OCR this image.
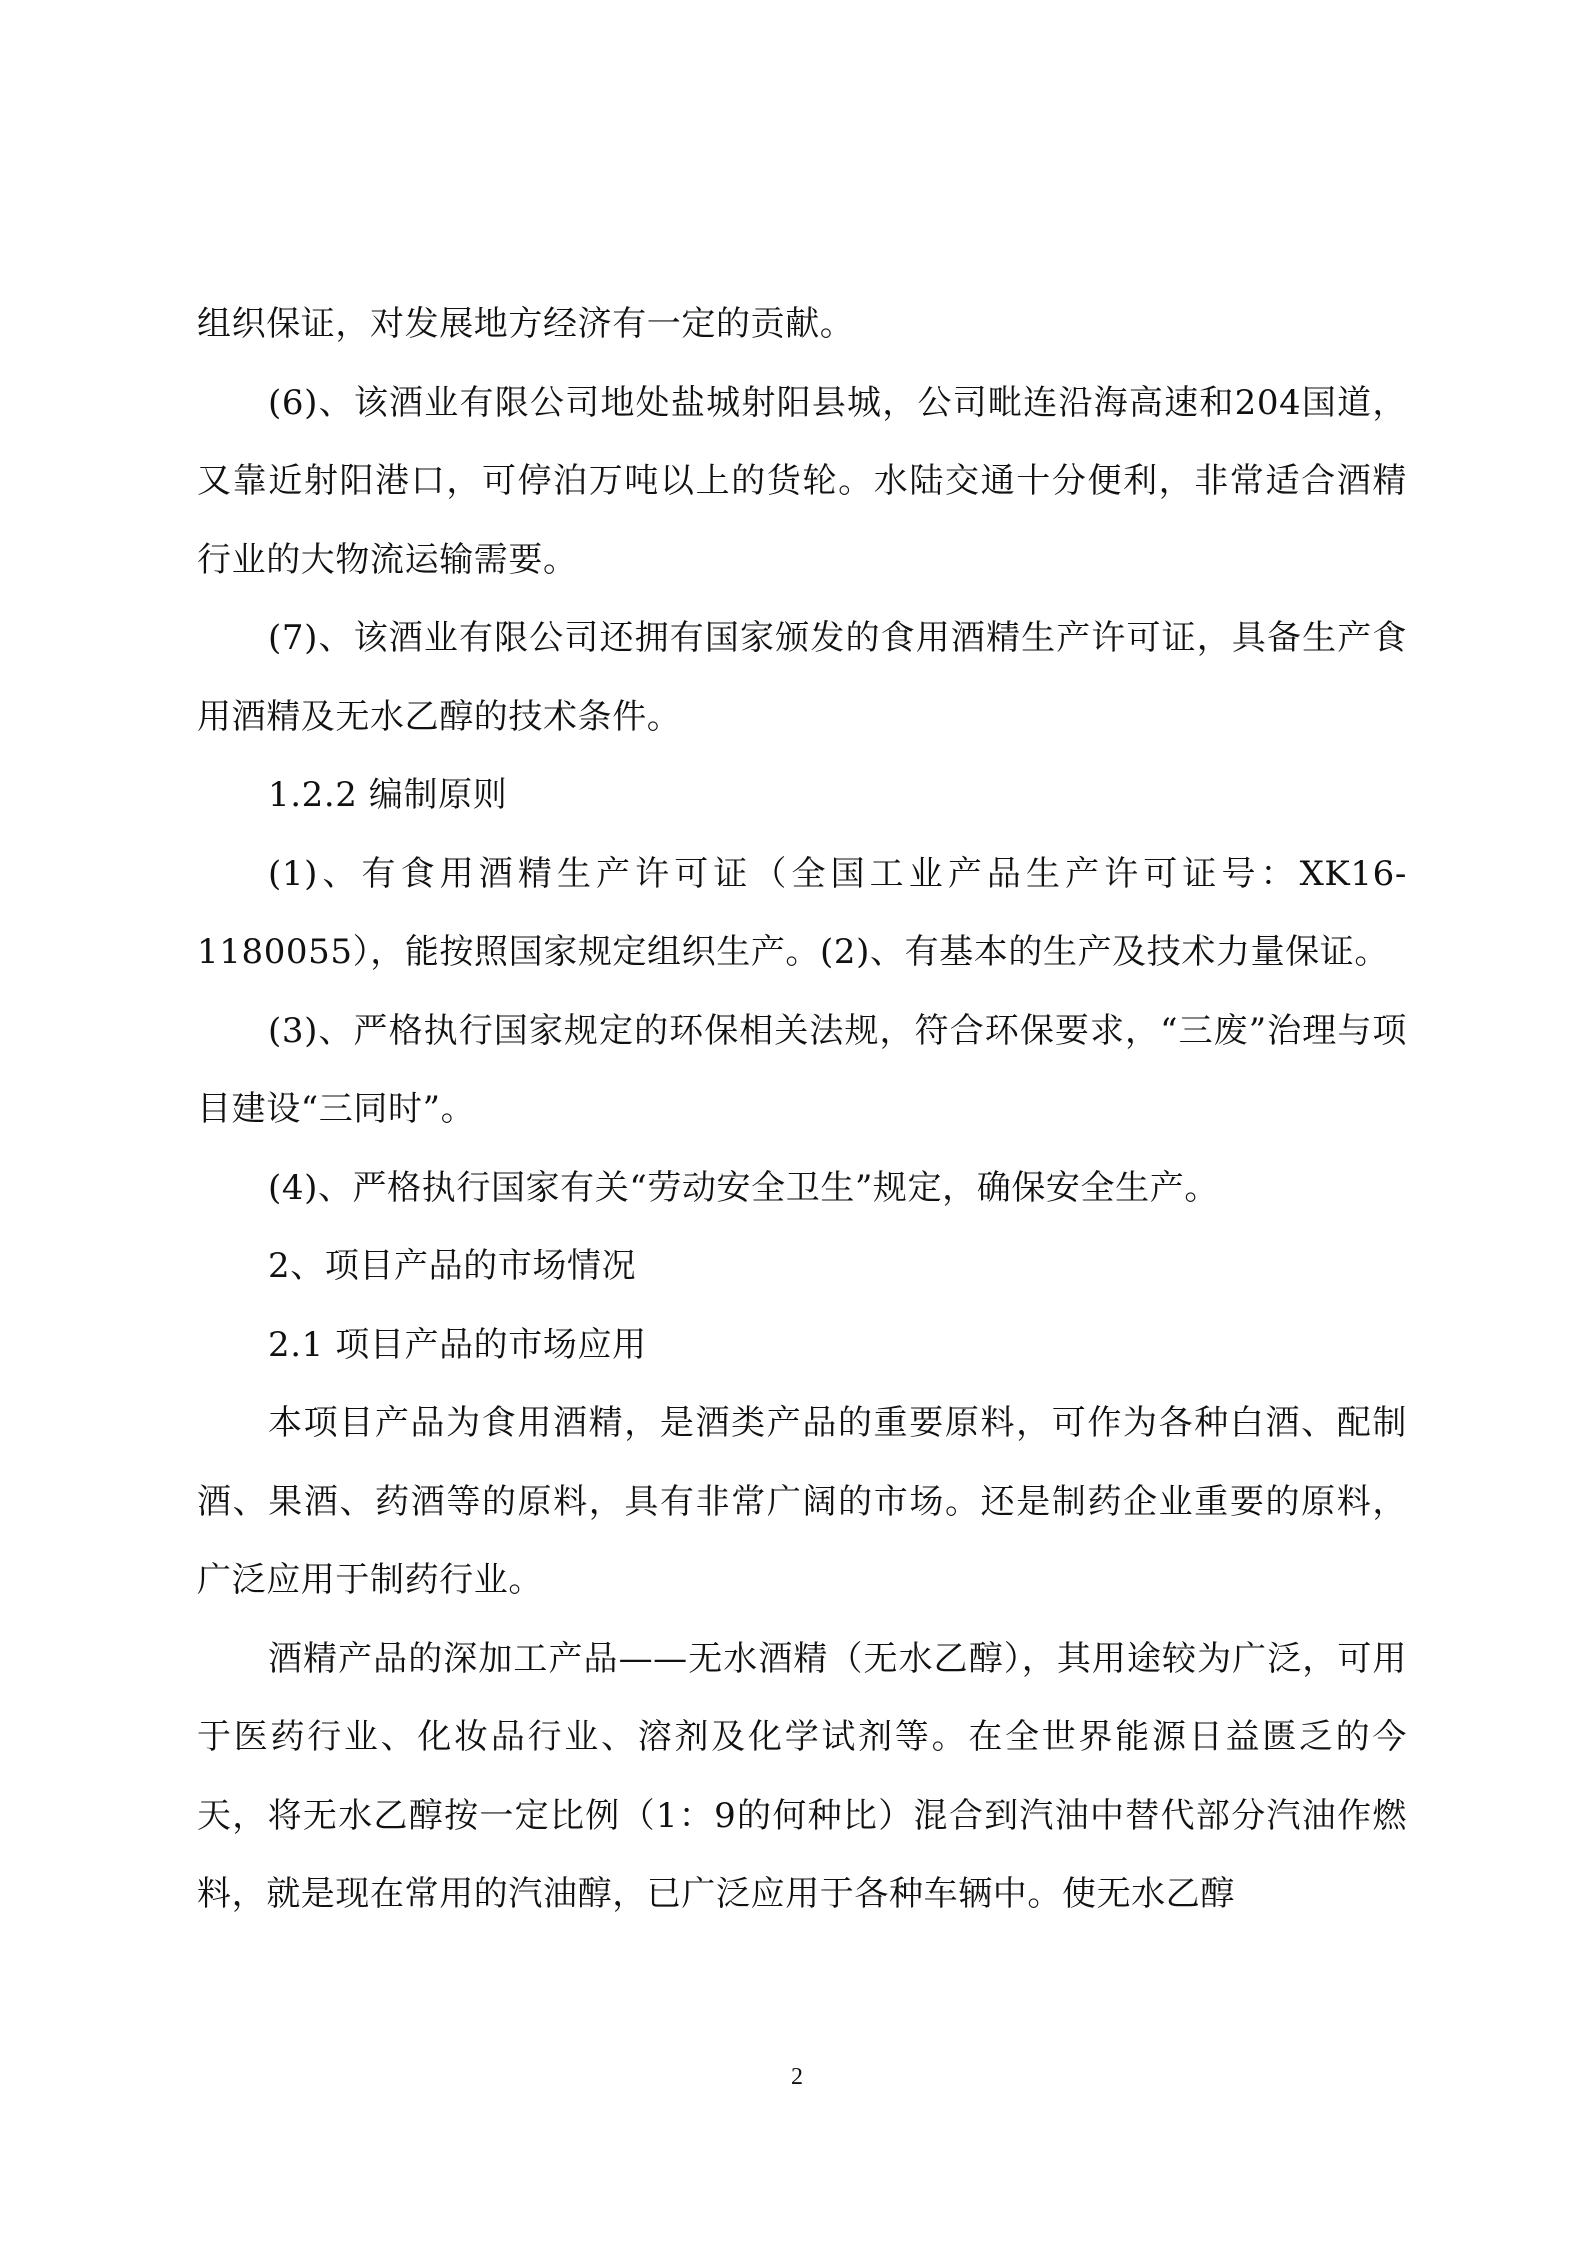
组织保证，对发展地方经济有一定的贡献。

(6)、该酒业有限公司地处盐城射阳县城，公司毗连沿海高速和204国道，又靠近射阳港口，可停泊万吨以上的货轮。水陆交通十分便利，非常适合酒精行业的大物流运输需要。

(7)、该酒业有限公司还拥有国家颁发的食用酒精生产许可证，具备生产食用酒精及无水乙醇的技术条件。

1.2.2 编制原则

(1)、有食用酒精生产许可证（全国工业产品生产许可证号：XK16-1180055），能按照国家规定组织生产。(2)、有基本的生产及技术力量保证。

(3)、严格执行国家规定的环保相关法规，符合环保要求，“三废”治理与项目建设“三同时”。

(4)、严格执行国家有关“劳动安全卫生”规定，确保安全生产。

2、项目产品的市场情况

2.1 项目产品的市场应用

本项目产品为食用酒精，是酒类产品的重要原料，可作为各种白酒、配制酒、果酒、药酒等的原料，具有非常广阔的市场。还是制药企业重要的原料，广泛应用于制药行业。

酒精产品的深加工产品——无水酒精（无水乙醇），其用途较为广泛，可用于医药行业、化妆品行业、溶剂及化学试剂等。在全世界能源日益匮乏的今天，将无水乙醇按一定比例（1：9的何种比）混合到汽油中替代部分汽油作燃料，就是现在常用的汽油醇，已广泛应用于各种车辆中。使无水乙醇

2
